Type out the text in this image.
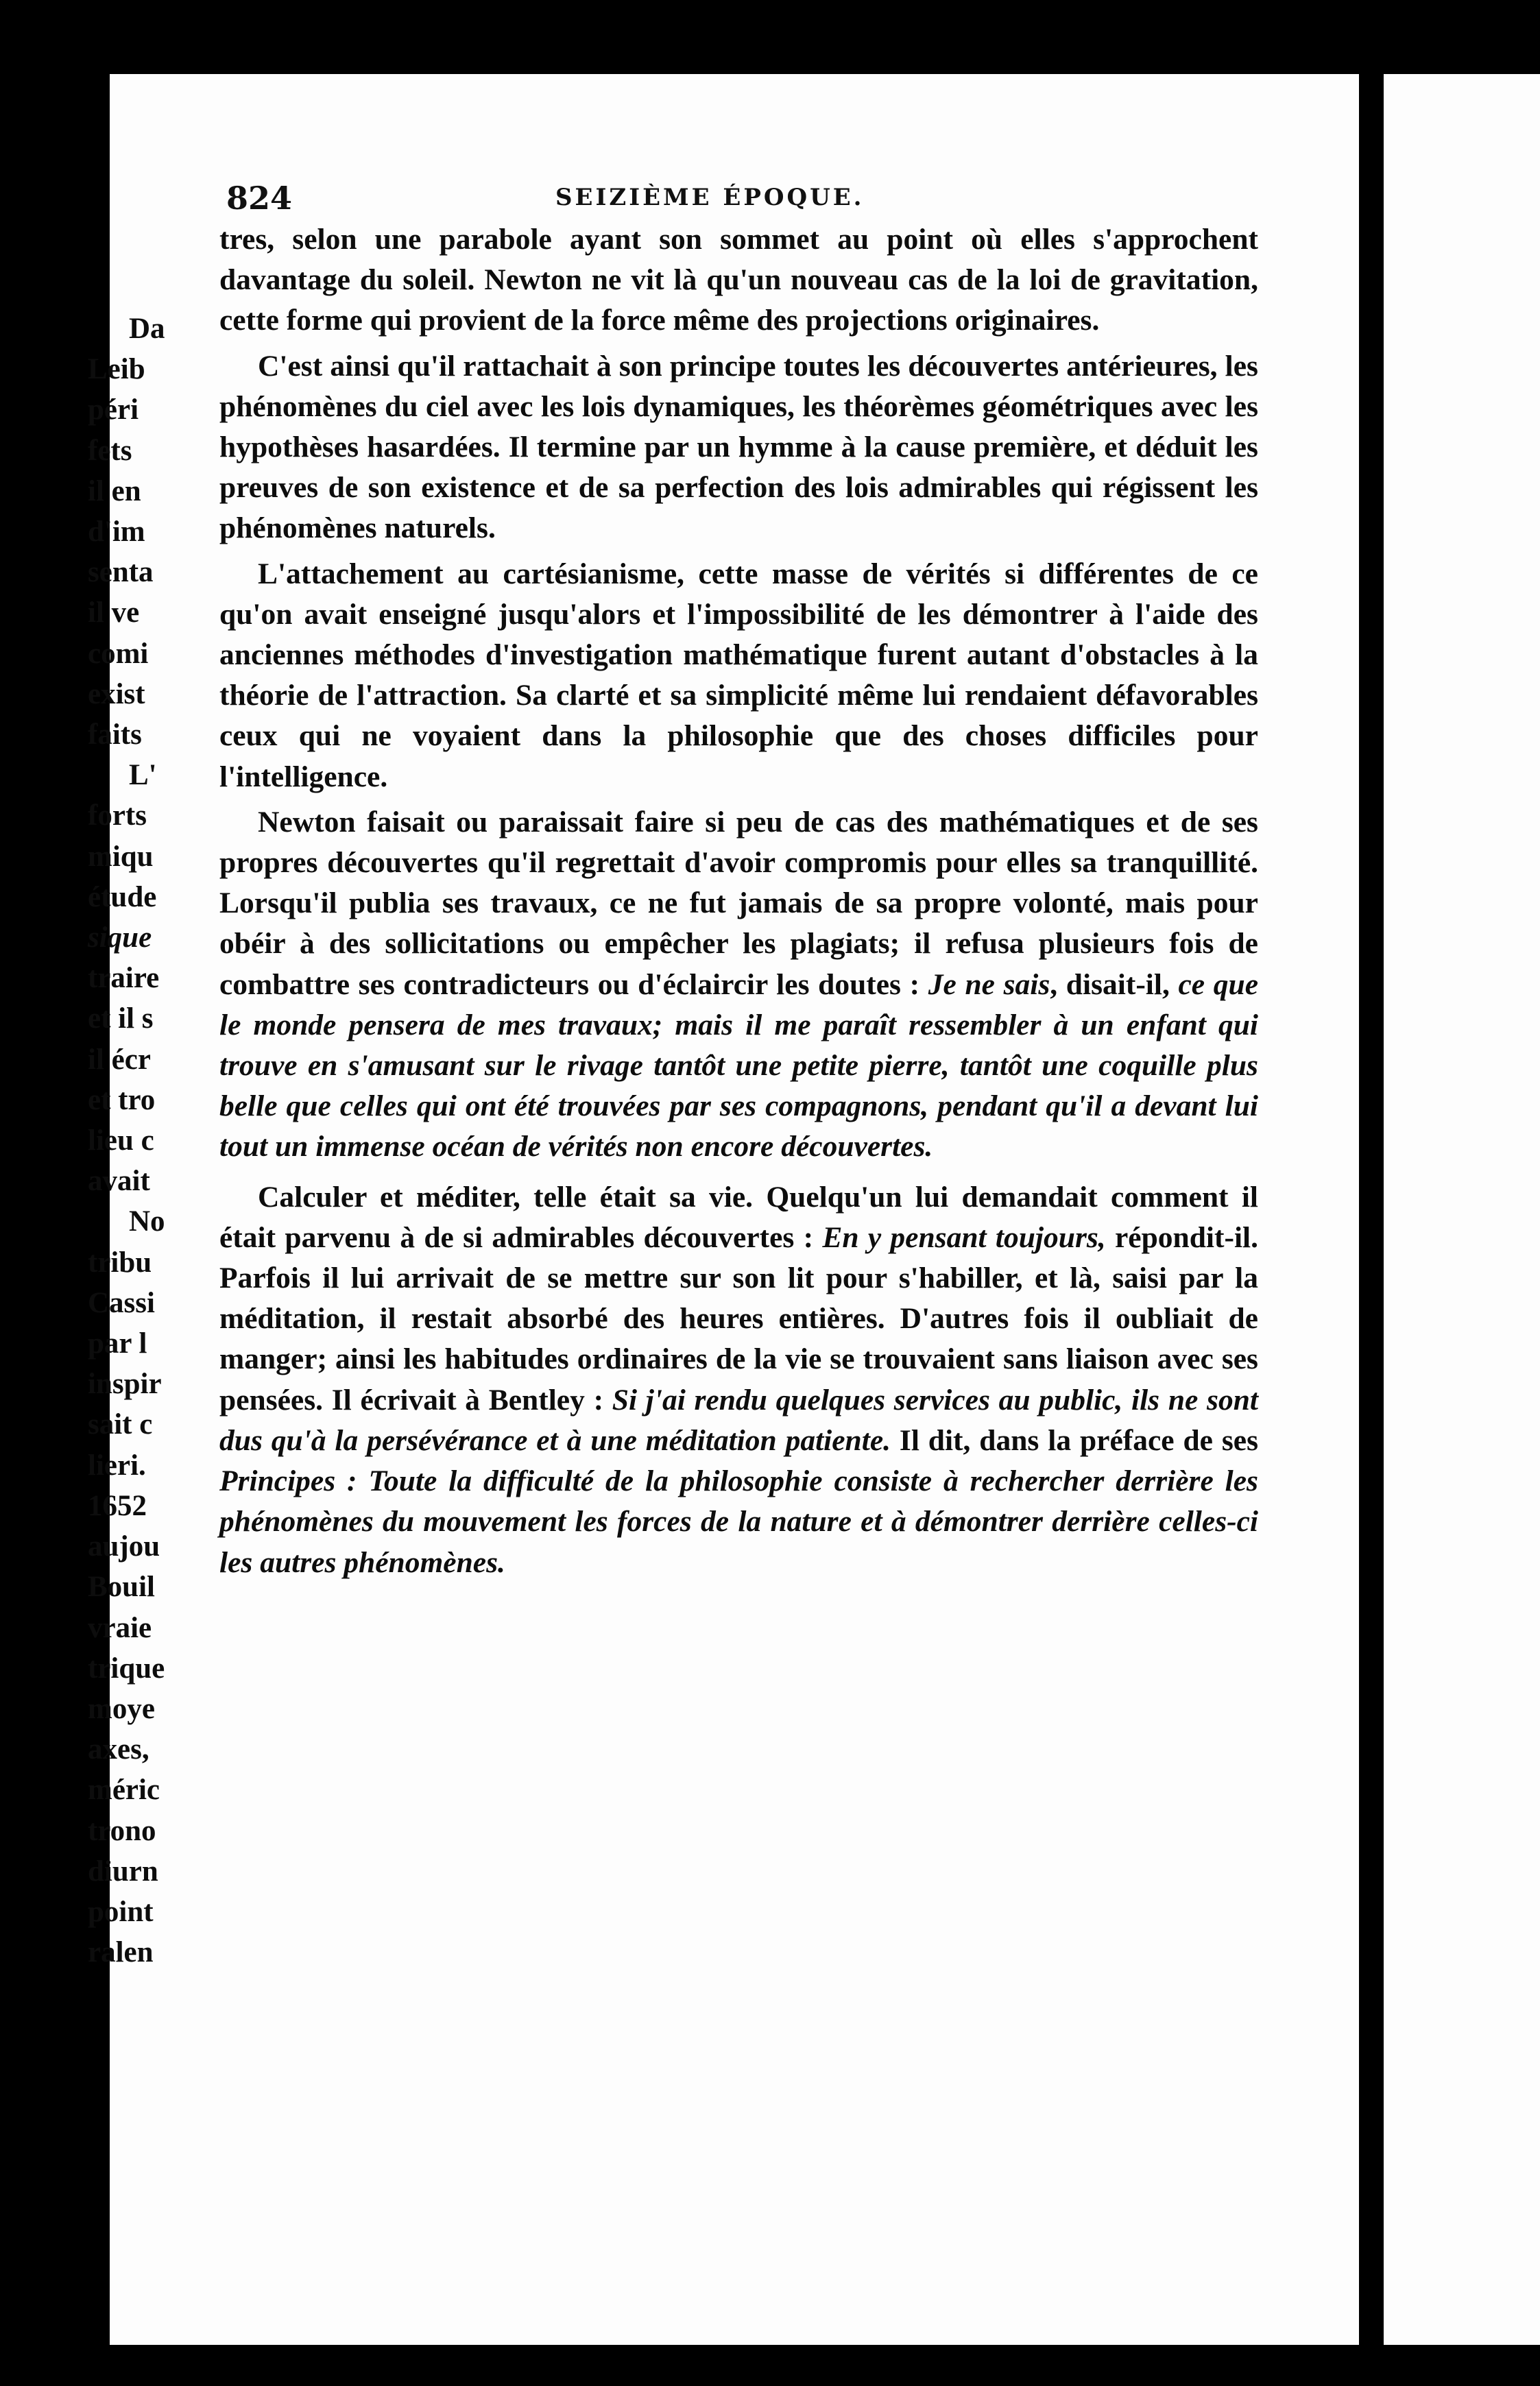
824	SEIZIÈME ÉPOQUE.

tres, selon une parabole ayant son sommet au point où elles s'approchent davantage du soleil. Newton ne vit là qu'un nouveau cas de la loi de gravitation, cette forme qui provient de la force même des projections originaires.

C'est ainsi qu'il rattachait à son principe toutes les découvertes antérieures, les phénomènes du ciel avec les lois dynamiques, les théorèmes géométriques avec les hypothèses hasardées. Il termine par un hymme à la cause première, et déduit les preuves de son existence et de sa perfection des lois admirables qui régissent les phénomènes naturels.

L'attachement au cartésianisme, cette masse de vérités si différentes de ce qu'on avait enseigné jusqu'alors et l'impossibilité de les démontrer à l'aide des anciennes méthodes d'investigation mathématique furent autant d'obstacles à la théorie de l'attraction. Sa clarté et sa simplicité même lui rendaient défavorables ceux qui ne voyaient dans la philosophie que des choses difficiles pour l'intelligence.

Newton faisait ou paraissait faire si peu de cas des mathématiques et de ses propres découvertes qu'il regrettait d'avoir compromis pour elles sa tranquillité. Lorsqu'il publia ses travaux, ce ne fut jamais de sa propre volonté, mais pour obéir à des sollicitations ou empêcher les plagiats; il refusa plusieurs fois de combattre ses contradicteurs ou d'éclaircir les doutes : Je ne sais, disait-il, ce que le monde pensera de mes travaux; mais il me paraît ressembler à un enfant qui trouve en s'amusant sur le rivage tantôt une petite pierre, tantôt une coquille plus belle que celles qui ont été trouvées par ses compagnons, pendant qu'il a devant lui tout un immense océan de vérités non encore découvertes.

Calculer et méditer, telle était sa vie. Quelqu'un lui demandait comment il était parvenu à de si admirables découvertes : En y pensant toujours, répondit-il. Parfois il lui arrivait de se mettre sur son lit pour s'habiller, et là, saisi par la méditation, il restait absorbé des heures entières. D'autres fois il oubliait de manger; ainsi les habitudes ordinaires de la vie se trouvaient sans liaison avec ses pensées. Il écrivait à Bentley : Si j'ai rendu quelques services au public, ils ne sont dus qu'à la persévérance et à une méditation patiente. Il dit, dans la préface de ses Principes : Toute la difficulté de la philosophie consiste à rechercher derrière les phénomènes du mouvement les forces de la nature et à démontrer derrière celles-ci les autres phénomènes.

Da
Leib
péri
fets
il en
d'im
senta
il ve
comi
exist
faits
L'
forts
miqu
étude
sique
traire
et il s
il écr
et tro
lieu c
avait
No
tribu
Cassi
par l
inspir
sait c
lieri.
1652
aujou
Bouil
vraie
trique
moye
axes,
méric
trono
diurn
point
ralen
